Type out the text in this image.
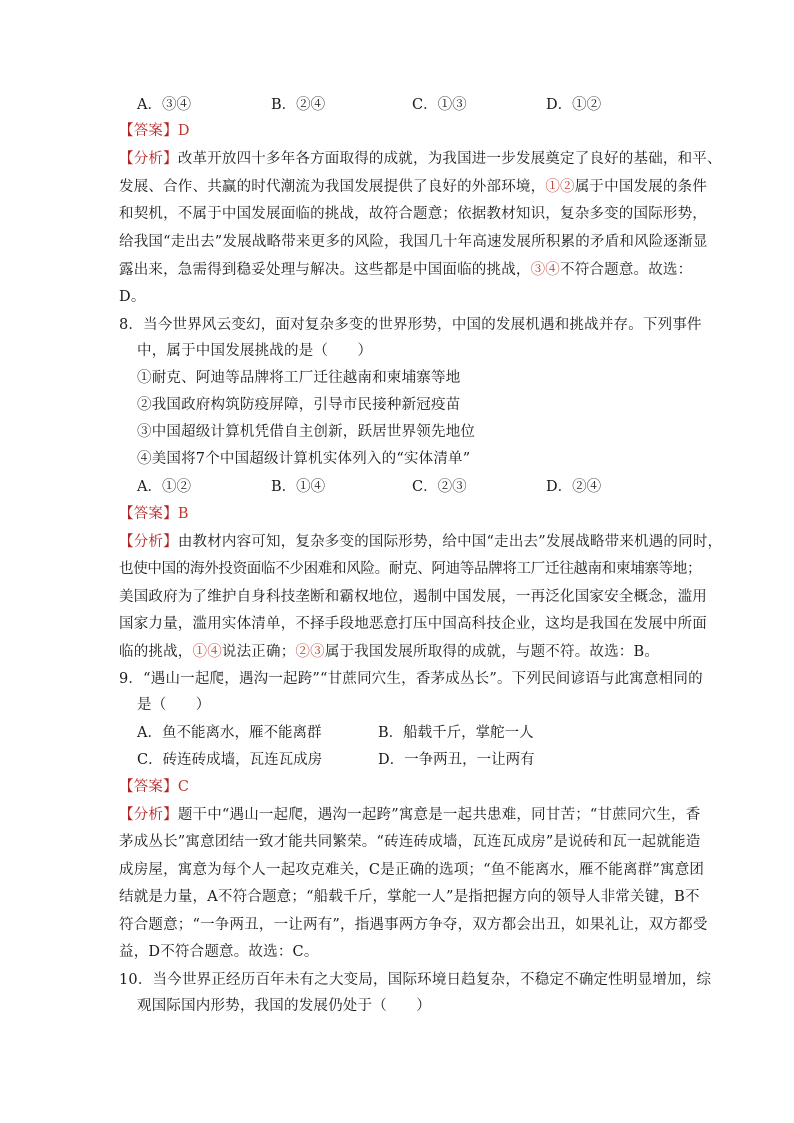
A．③④	B．②④	C．①③	D．①②
【答案】D
【分析】改革开放四十多年各方面取得的成就，为我国进一步发展奠定了良好的基础，和平、
发展、合作、共赢的时代潮流为我国发展提供了良好的外部环境，①②属于中国发展的条件
和契机，不属于中国发展面临的挑战，故符合题意；依据教材知识，复杂多变的国际形势，
给我国“走出去”发展战略带来更多的风险，我国几十年高速发展所积累的矛盾和风险逐渐显
露出来，急需得到稳妥处理与解决。这些都是中国面临的挑战，③④不符合题意。故选：
D。
8．当今世界风云变幻，面对复杂多变的世界形势，中国的发展机遇和挑战并存。下列事件
中，属于中国发展挑战的是（　　）
①耐克、阿迪等品牌将工厂迁往越南和柬埔寨等地
②我国政府构筑防疫屏障，引导市民接种新冠疫苗
③中国超级计算机凭借自主创新，跃居世界领先地位
④美国将7个中国超级计算机实体列入的“实体清单”
A．①②	B．①④	C．②③	D．②④
【答案】B
【分析】由教材内容可知，复杂多变的国际形势，给中国“走出去”发展战略带来机遇的同时，
也使中国的海外投资面临不少困难和风险。耐克、阿迪等品牌将工厂迁往越南和柬埔寨等地；
美国政府为了维护自身科技垄断和霸权地位，遏制中国发展，一再泛化国家安全概念，滥用
国家力量，滥用实体清单，不择手段地恶意打压中国高科技企业，这均是我国在发展中所面
临的挑战，①④说法正确；②③属于我国发展所取得的成就，与题不符。故选：B。
9．“遇山一起爬，遇沟一起跨”“甘蔗同穴生，香茅成丛长”。下列民间谚语与此寓意相同的
是（　　）
A．鱼不能离水，雁不能离群	B．船载千斤，掌舵一人
C．砖连砖成墙，瓦连瓦成房	D．一争两丑，一让两有
【答案】C
【分析】题干中“遇山一起爬，遇沟一起跨”寓意是一起共患难，同甘苦；“甘蔗同穴生，香
茅成丛长”寓意团结一致才能共同繁荣。“砖连砖成墙，瓦连瓦成房”是说砖和瓦一起就能造
成房屋，寓意为每个人一起攻克难关，C是正确的选项；“鱼不能离水，雁不能离群”寓意团
结就是力量，A不符合题意；“船载千斤，掌舵一人”是指把握方向的领导人非常关键，B不
符合题意；“一争两丑，一让两有”，指遇事两方争夺，双方都会出丑，如果礼让，双方都受
益，D不符合题意。故选：C。
10．当今世界正经历百年未有之大变局，国际环境日趋复杂，不稳定不确定性明显增加，综
观国际国内形势，我国的发展仍处于（　　）
